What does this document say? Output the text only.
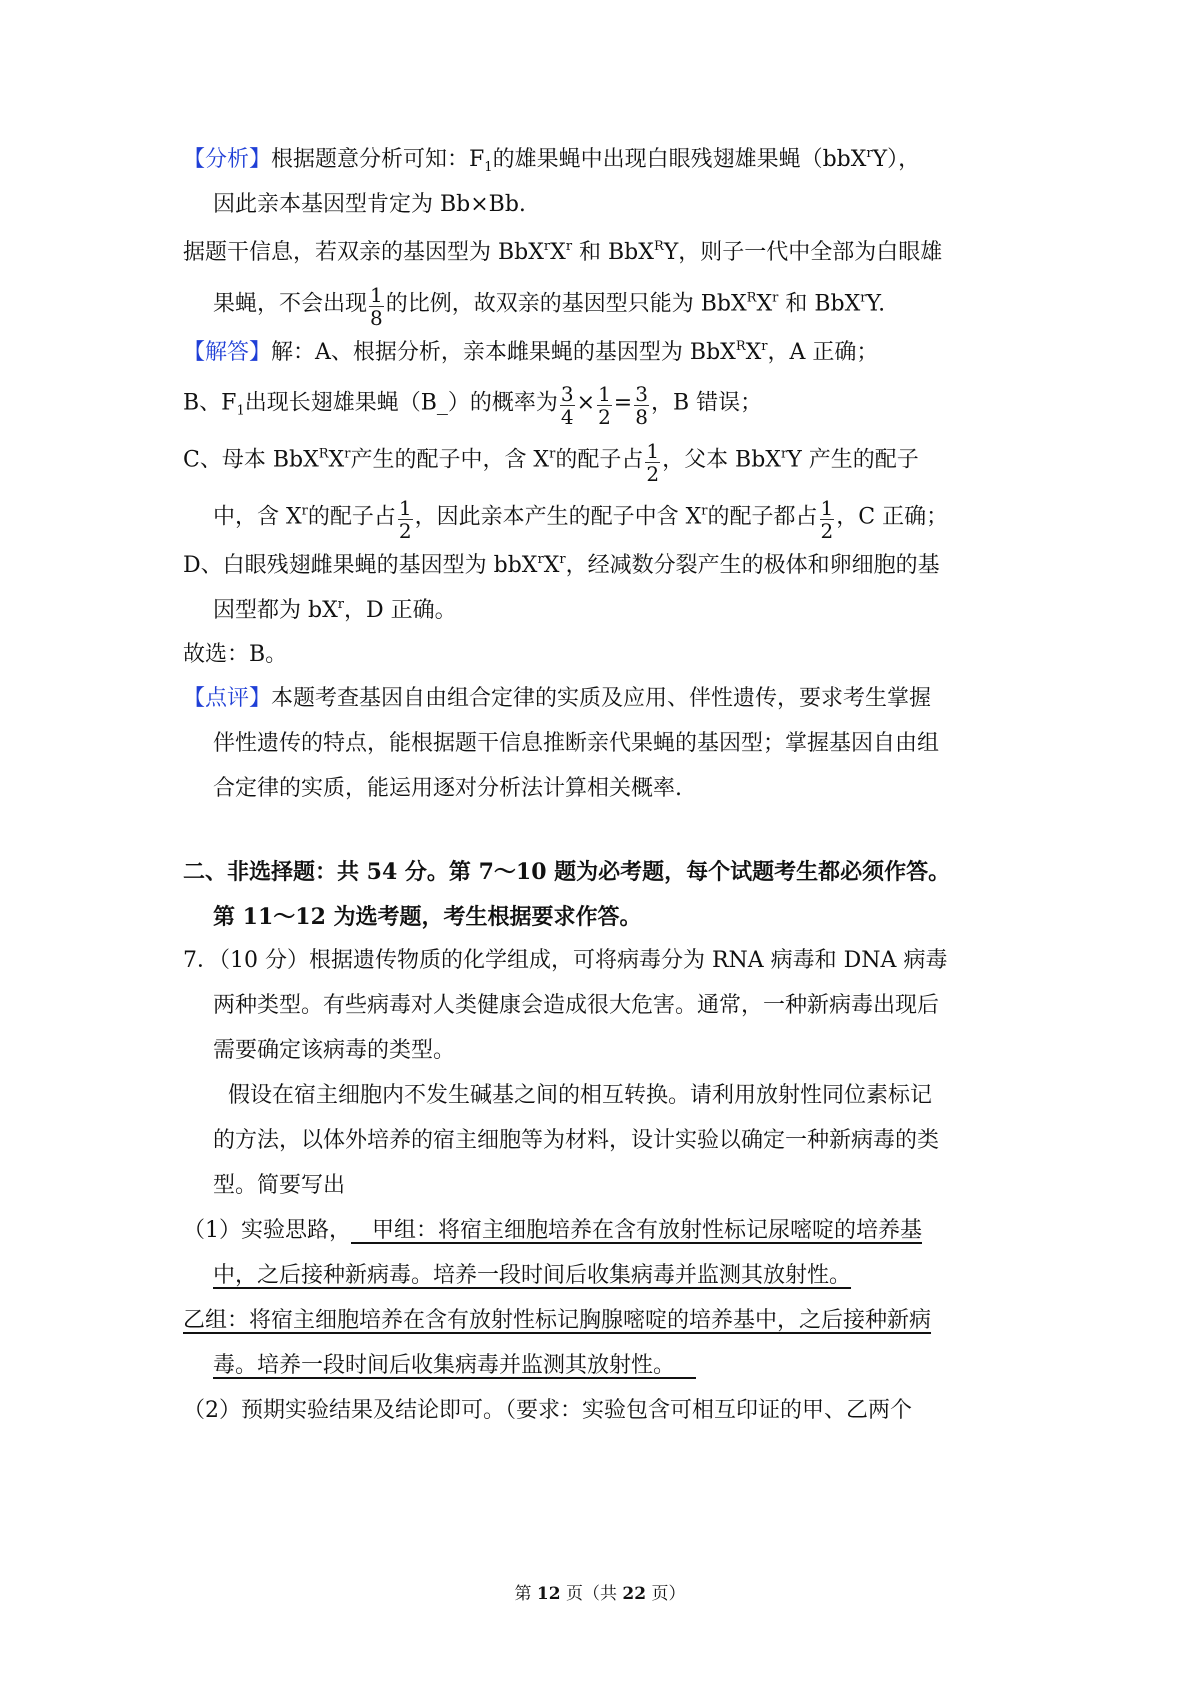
【分析】根据题意分析可知：$F_1$的雄果蝇中出现白眼残翅雄果蝇（bbX$^r$Y），
因此亲本基因型肯定为 Bb×Bb.
据题干信息，若双亲的基因型为 $BbX^rX^r$ 和 BbX$^R$Y，则子一代中全部为白眼雄
果蝇，不会出现 $\frac{1}{8}$ 的比例，故双亲的基因型只能为 $BbX^RX^r$ 和 BbX$^r$Y.
【解答】解：A、根据分析，亲本雌果蝇的基因型为 $BbX^RX^r$，A 正确；
B、$F_1$出现长翅雄果蝇（B_）的概率为 $\frac{3}{4} \times \frac{1}{2} = \frac{3}{8}$ ，B 错误；
C、母本 $BbX^RX^r$产生的配子中，含 $X^r$的配子占 $\frac{1}{2}$ ，父本 BbX$^r$Y 产生的配子
中，含 $X^r$的配子占 $\frac{1}{2}$ ，因此亲本产生的配子中含 $X^r$的配子都占 $\frac{1}{2}$ ，C 正确；
D、白眼残翅雌果蝇的基因型为 $bbX^rX^r$，经减数分裂产生的极体和卵细胞的基
因型都为 $bX^r$，D 正确。
故选：B。
【点评】本题考查基因自由组合定律的实质及应用、伴性遗传，要求考生掌握
伴性遗传的特点，能根据题干信息推断亲代果蝇的基因型；掌握基因自由组
合定律的实质，能运用逐对分析法计算相关概率.
二、非选择题：共 54 分。第 7～10 题为必考题，每个试题考生都必须作答。
第 11～12 为选考题，考生根据要求作答。
7．（10 分）根据遗传物质的化学组成，可将病毒分为 RNA 病毒和 DNA 病毒
两种类型。有些病毒对人类健康会造成很大危害。通常，一种新病毒出现后
需要确定该病毒的类型。
假设在宿主细胞内不发生碱基之间的相互转换。请利用放射性同位素标记
的方法，以体外培养的宿主细胞等为材料，设计实验以确定一种新病毒的类
型。简要写出
（1）实验思路，   甲组：将宿主细胞培养在含有放射性标记尿嘧啶的培养基
中，之后接种新病毒。培养一段时间后收集病毒并监测其放射性。
乙组：将宿主细胞培养在含有放射性标记胸腺嘧啶的培养基中，之后接种新病
毒。培养一段时间后收集病毒并监测其放射性。
（2）预期实验结果及结论即可。（要求：实验包含可相互印证的甲、乙两个
第 12 页（共 22 页）
